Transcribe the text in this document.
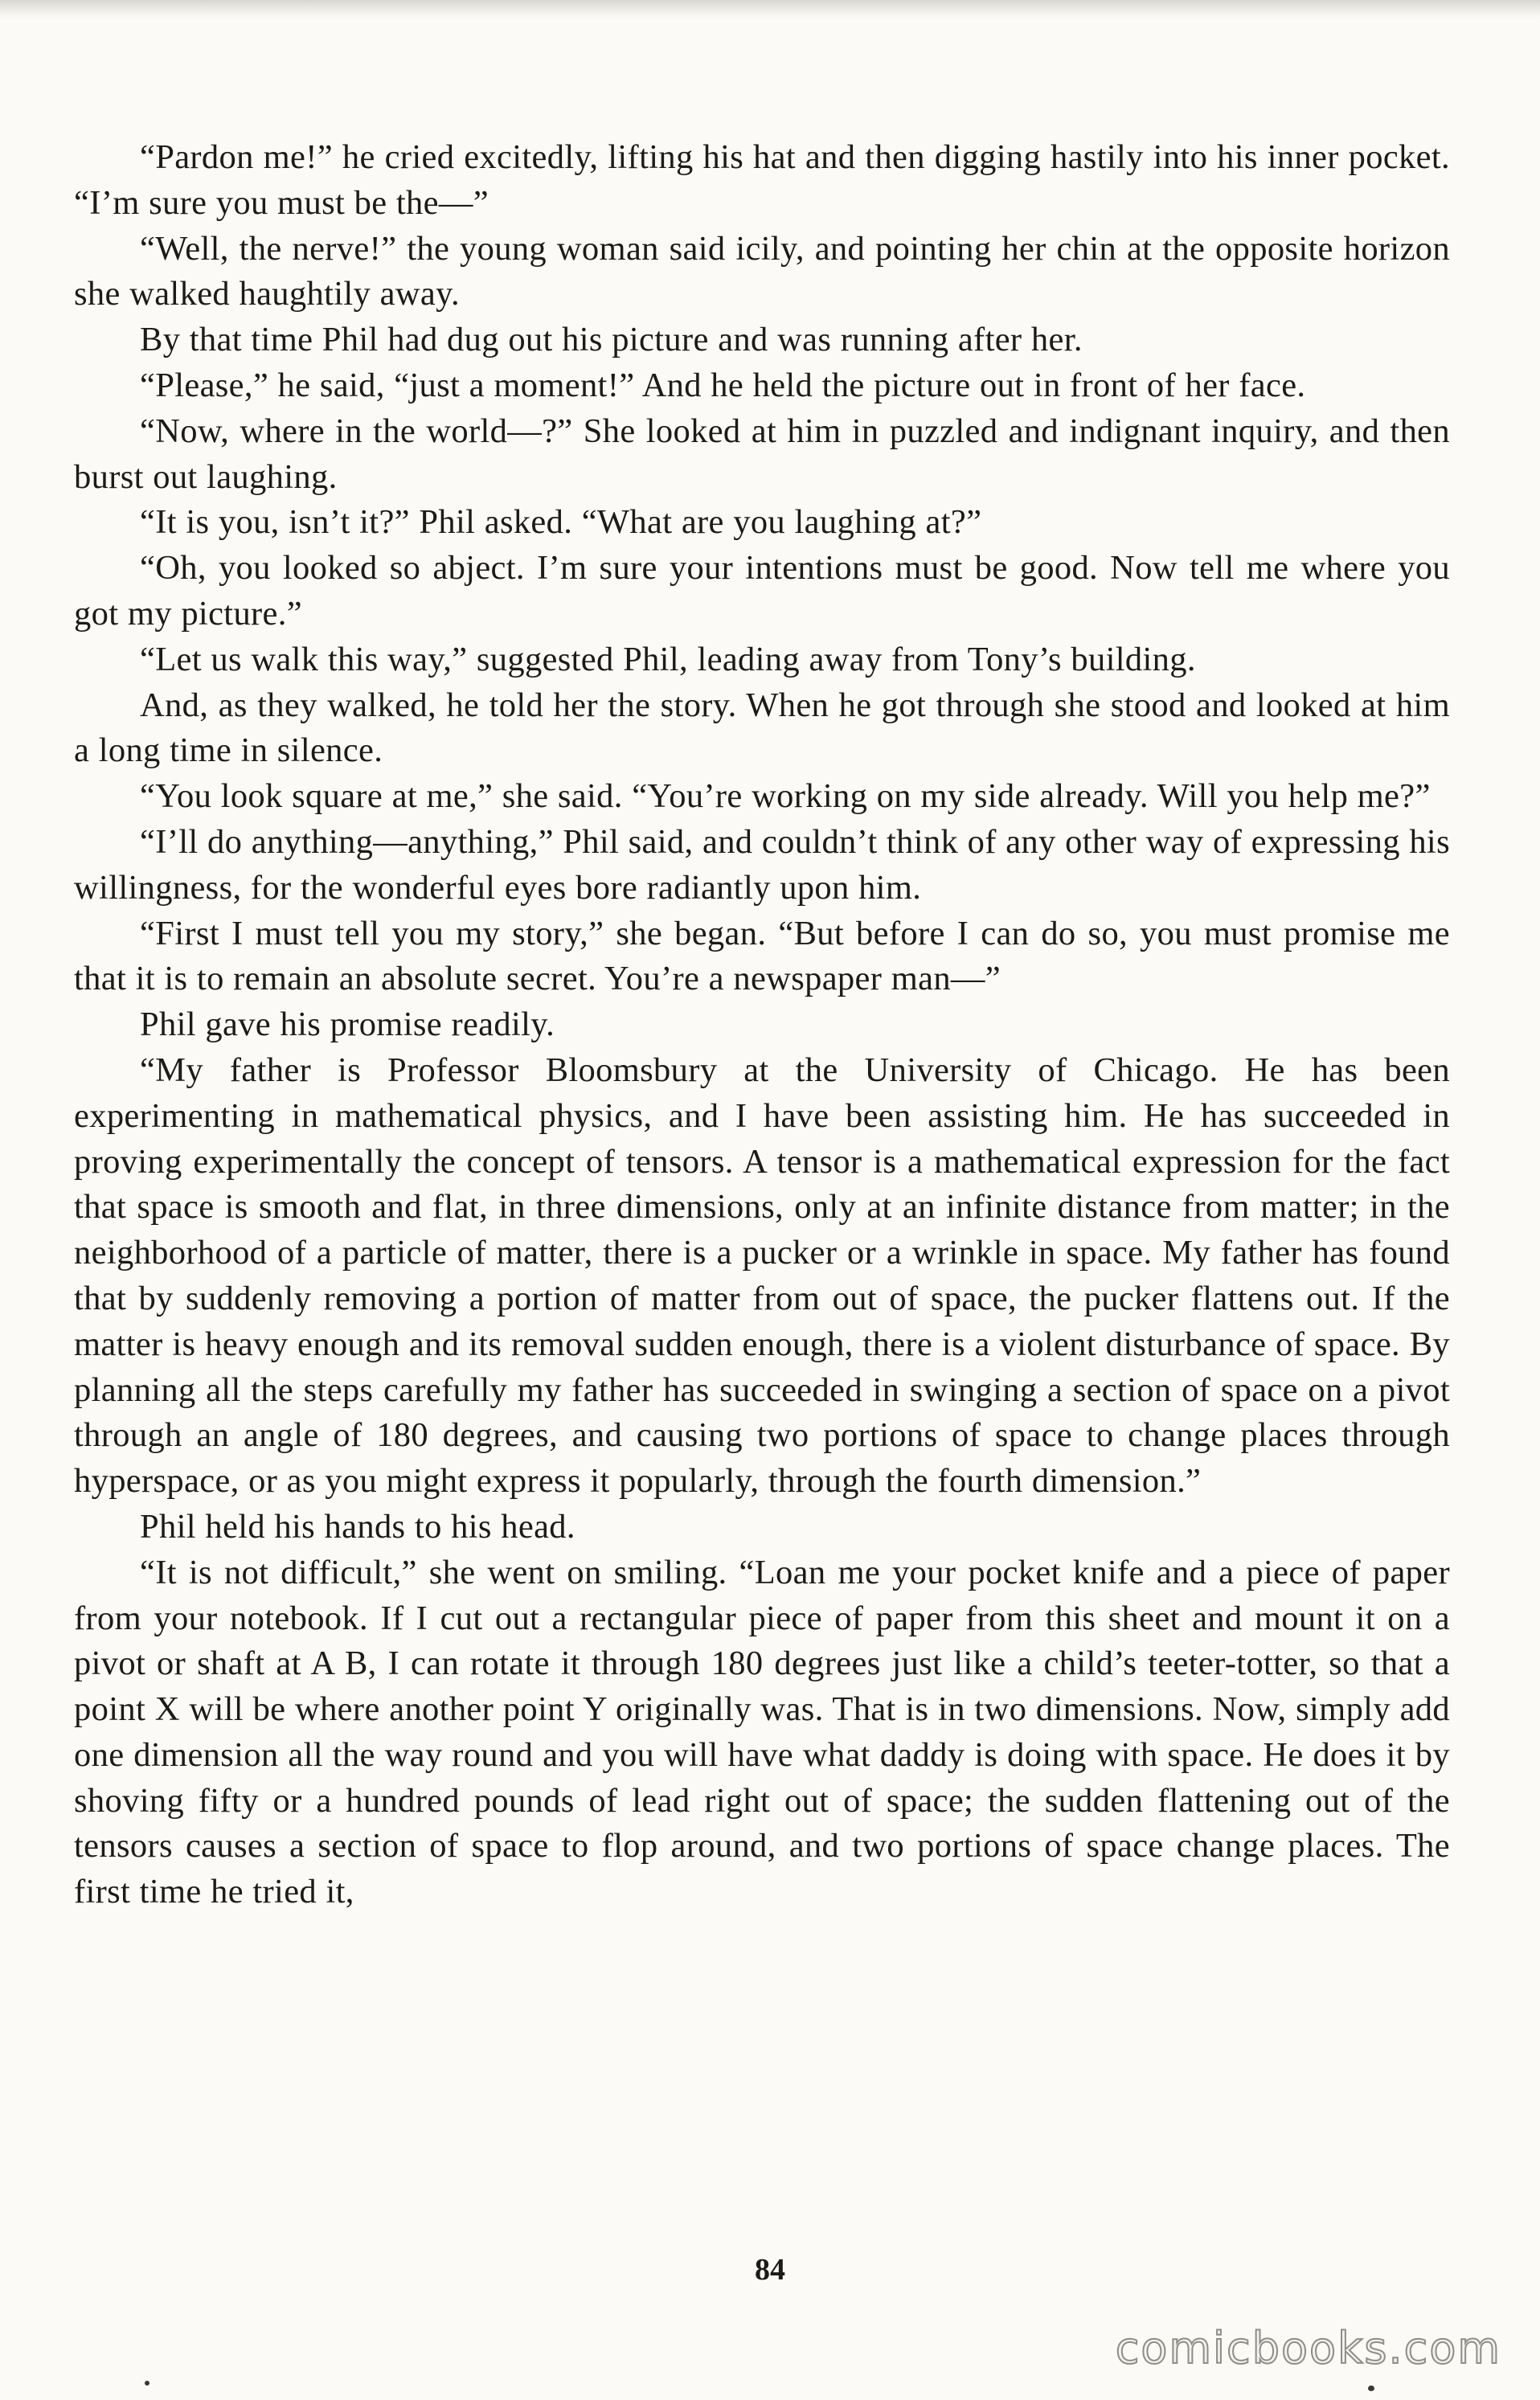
“Pardon me!” he cried excitedly, lifting his hat and then digging hastily into his inner pocket. “I’m sure you must be the—”

“Well, the nerve!” the young woman said icily, and pointing her chin at the opposite horizon she walked haughtily away.

By that time Phil had dug out his picture and was running after her.

“Please,” he said, “just a moment!” And he held the picture out in front of her face.

“Now, where in the world—?” She looked at him in puzzled and indignant inquiry, and then burst out laughing.

“It is you, isn’t it?” Phil asked. “What are you laughing at?”

“Oh, you looked so abject. I’m sure your intentions must be good. Now tell me where you got my picture.”

“Let us walk this way,” suggested Phil, leading away from Tony’s building.

And, as they walked, he told her the story. When he got through she stood and looked at him a long time in silence.

“You look square at me,” she said. “You’re working on my side already. Will you help me?”

“I’ll do anything—anything,” Phil said, and couldn’t think of any other way of expressing his willingness, for the wonderful eyes bore radiantly upon him.

“First I must tell you my story,” she began. “But before I can do so, you must promise me that it is to remain an absolute secret. You’re a newspaper man—”

Phil gave his promise readily.

“My father is Professor Bloomsbury at the University of Chicago. He has been experimenting in mathematical physics, and I have been assisting him. He has succeeded in proving experimentally the concept of tensors. A tensor is a mathematical expression for the fact that space is smooth and flat, in three dimensions, only at an infinite distance from matter; in the neighborhood of a particle of matter, there is a pucker or a wrinkle in space. My father has found that by suddenly removing a portion of matter from out of space, the pucker flattens out. If the matter is heavy enough and its removal sudden enough, there is a violent disturbance of space. By planning all the steps carefully my father has succeeded in swinging a section of space on a pivot through an angle of 180 degrees, and causing two portions of space to change places through hyperspace, or as you might express it popularly, through the fourth dimension.”

Phil held his hands to his head.

“It is not difficult,” she went on smiling. “Loan me your pocket knife and a piece of paper from your notebook. If I cut out a rectangular piece of paper from this sheet and mount it on a pivot or shaft at A B, I can rotate it through 180 degrees just like a child’s teeter-totter, so that a point X will be where another point Y originally was. That is in two dimensions. Now, simply add one dimension all the way round and you will have what daddy is doing with space. He does it by shoving fifty or a hundred pounds of lead right out of space; the sudden flattening out of the tensors causes a section of space to flop around, and two portions of space change places. The first time he tried it,

84
comicbooks.com
